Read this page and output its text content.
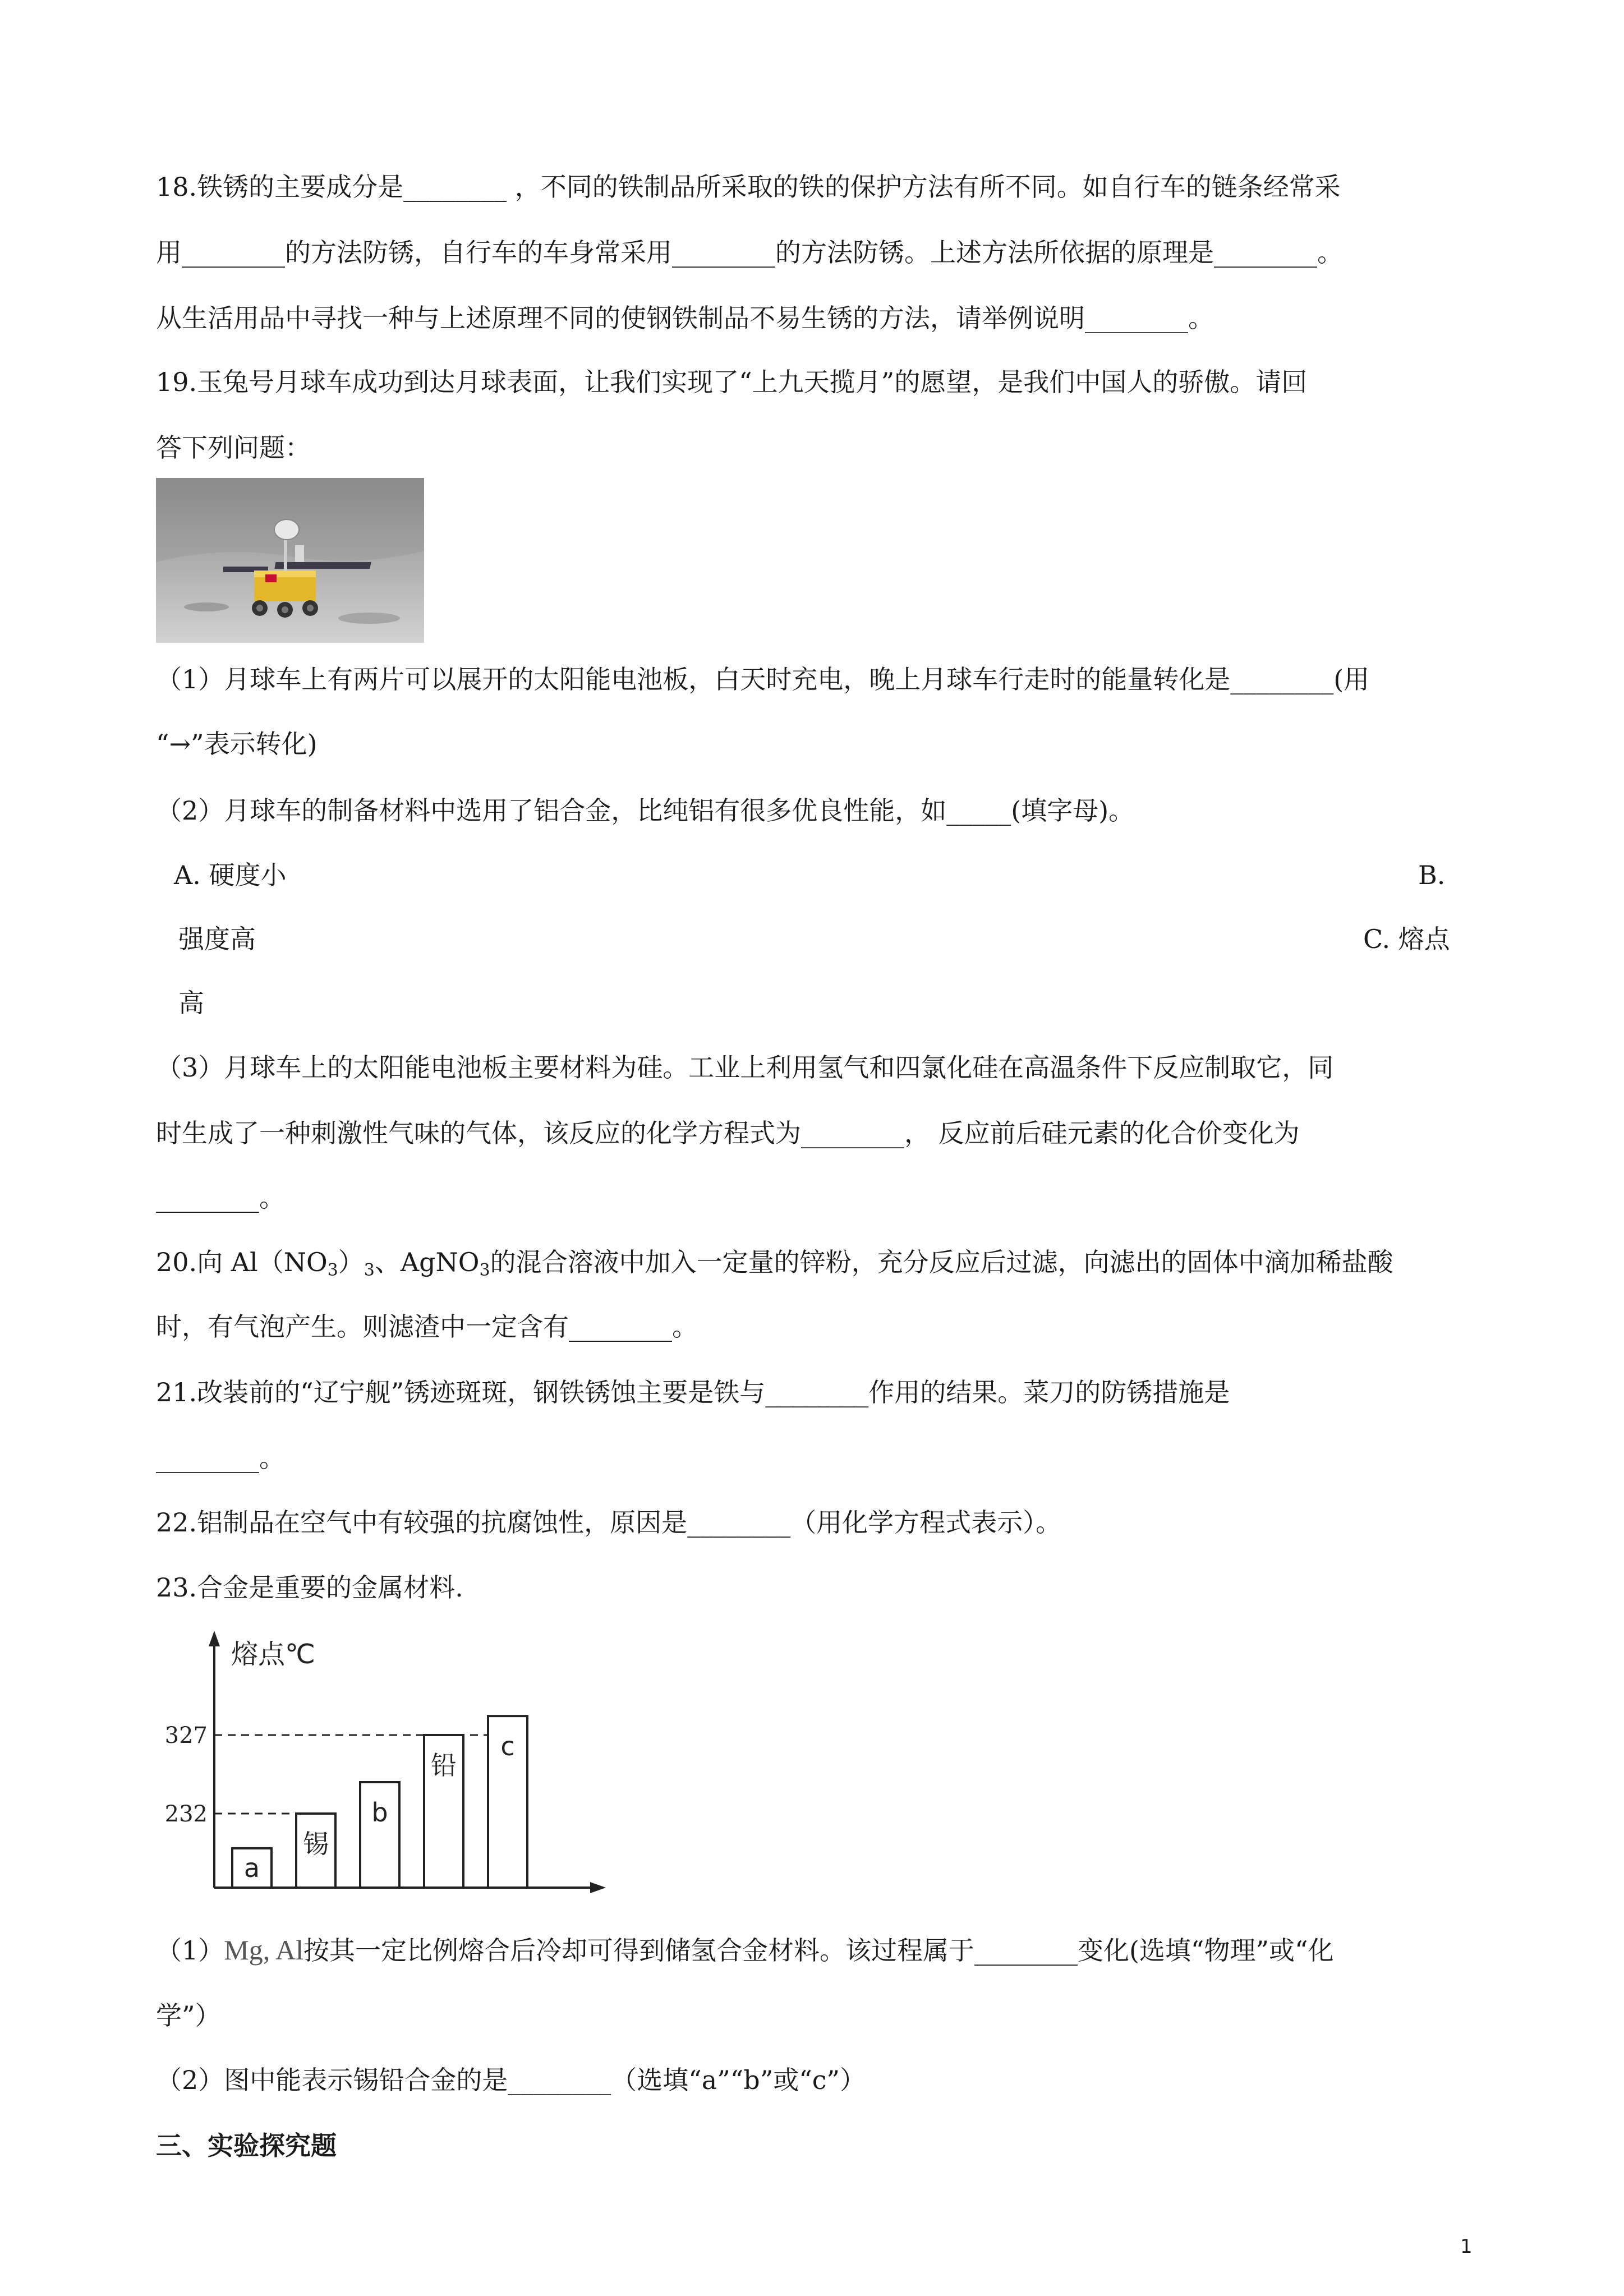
18.铁锈的主要成分是________ ，不同的铁制品所采取的铁的保护方法有所不同。如自行车的链条经常采
用________的方法防锈，自行车的车身常采用________的方法防锈。上述方法所依据的原理是________。
从生活用品中寻找一种与上述原理不同的使钢铁制品不易生锈的方法，请举例说明________。
19.玉兔号月球车成功到达月球表面，让我们实现了“上九天揽月”的愿望，是我们中国人的骄傲。请回
答下列问题：
（1）月球车上有两片可以展开的太阳能电池板，白天时充电，晚上月球车行走时的能量转化是________(用
“→”表示转化)
（2）月球车的制备材料中选用了铝合金，比纯铝有很多优良性能，如_____(填字母)。
A. 硬度小	B.
强度高	C. 熔点
高
（3）月球车上的太阳能电池板主要材料为硅。工业上利用氢气和四氯化硅在高温条件下反应制取它，同
时生成了一种刺激性气味的气体，该反应的化学方程式为________， 反应前后硅元素的化合价变化为
________。
20.向 $Al(NO_3)_3$、AgNO$_3$的混合溶液中加入一定量的锌粉，充分反应后过滤，向滤出的固体中滴加稀盐酸
时，有气泡产生。则滤渣中一定含有________。
21.改装前的“辽宁舰”锈迹斑斑，钢铁锈蚀主要是铁与________作用的结果。菜刀的防锈措施是
________。
22.铝制品在空气中有较强的抗腐蚀性，原因是________（用化学方程式表示）。
23.合金是重要的金属材料.
熔点℃
232
327
a
锡
b
铅
c
（1）Mg, Al按其一定比例熔合后冷却可得到储氢合金材料。该过程属于________变化(选填“物理”或“化
学”）
（2）图中能表示锡铅合金的是________（选填“a”“b”或“c”）
三、实验探究题
1
